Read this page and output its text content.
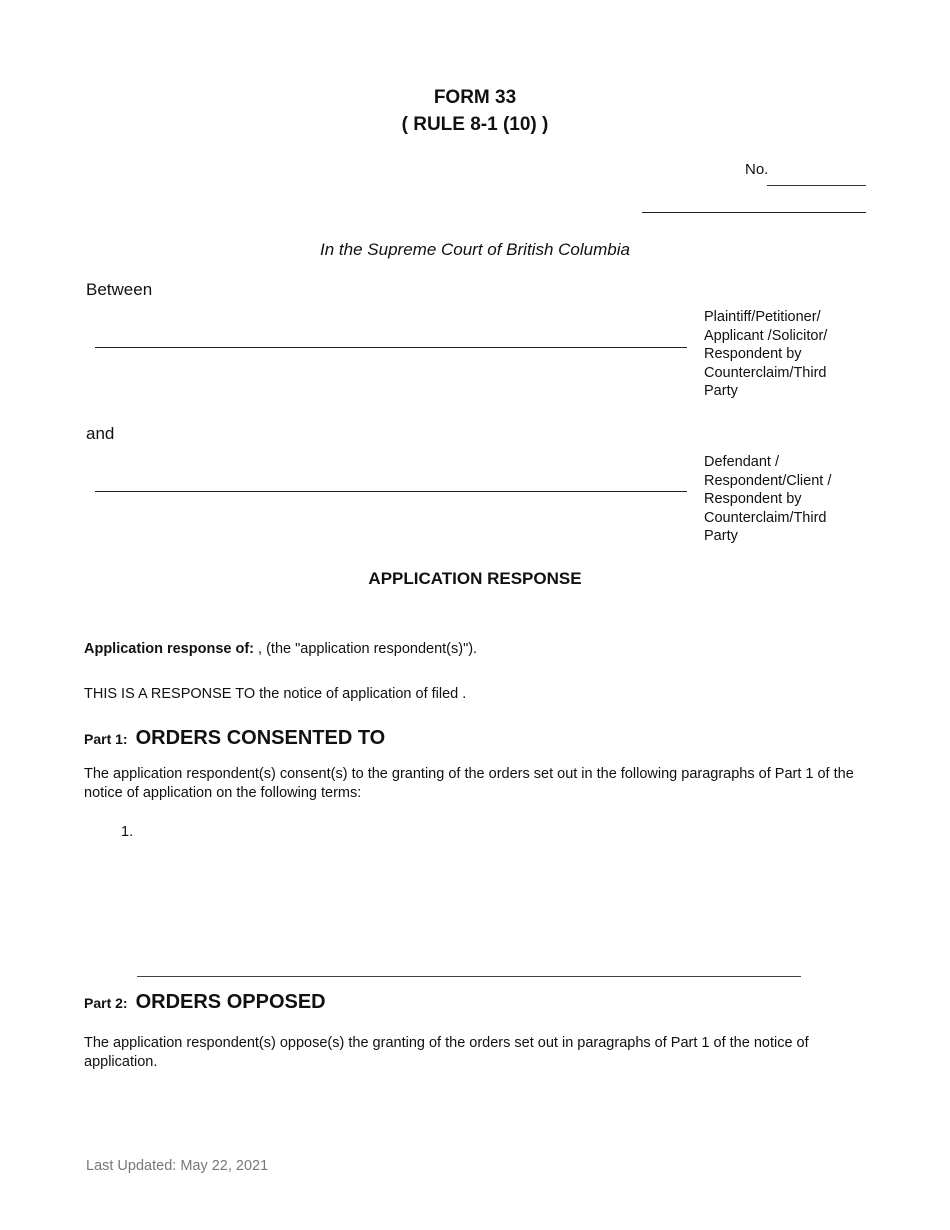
FORM 33
( RULE 8-1 (10) )
No.
In the Supreme Court of British Columbia
Between
Plaintiff/Petitioner/
Applicant /Solicitor/
Respondent by
Counterclaim/Third
Party
and
Defendant /
Respondent/Client /
Respondent by
Counterclaim/Third
Party
APPLICATION RESPONSE
Application response of: , (the "application respondent(s)").
THIS IS A RESPONSE TO the notice of application of filed .
Part 1: ORDERS CONSENTED TO
The application respondent(s) consent(s) to the granting of the orders set out in the following paragraphs of Part 1 of the notice of application on the following terms:
1.
Part 2: ORDERS OPPOSED
The application respondent(s) oppose(s) the granting of the orders set out in paragraphs of Part 1 of the notice of application.
Last Updated: May 22, 2021
